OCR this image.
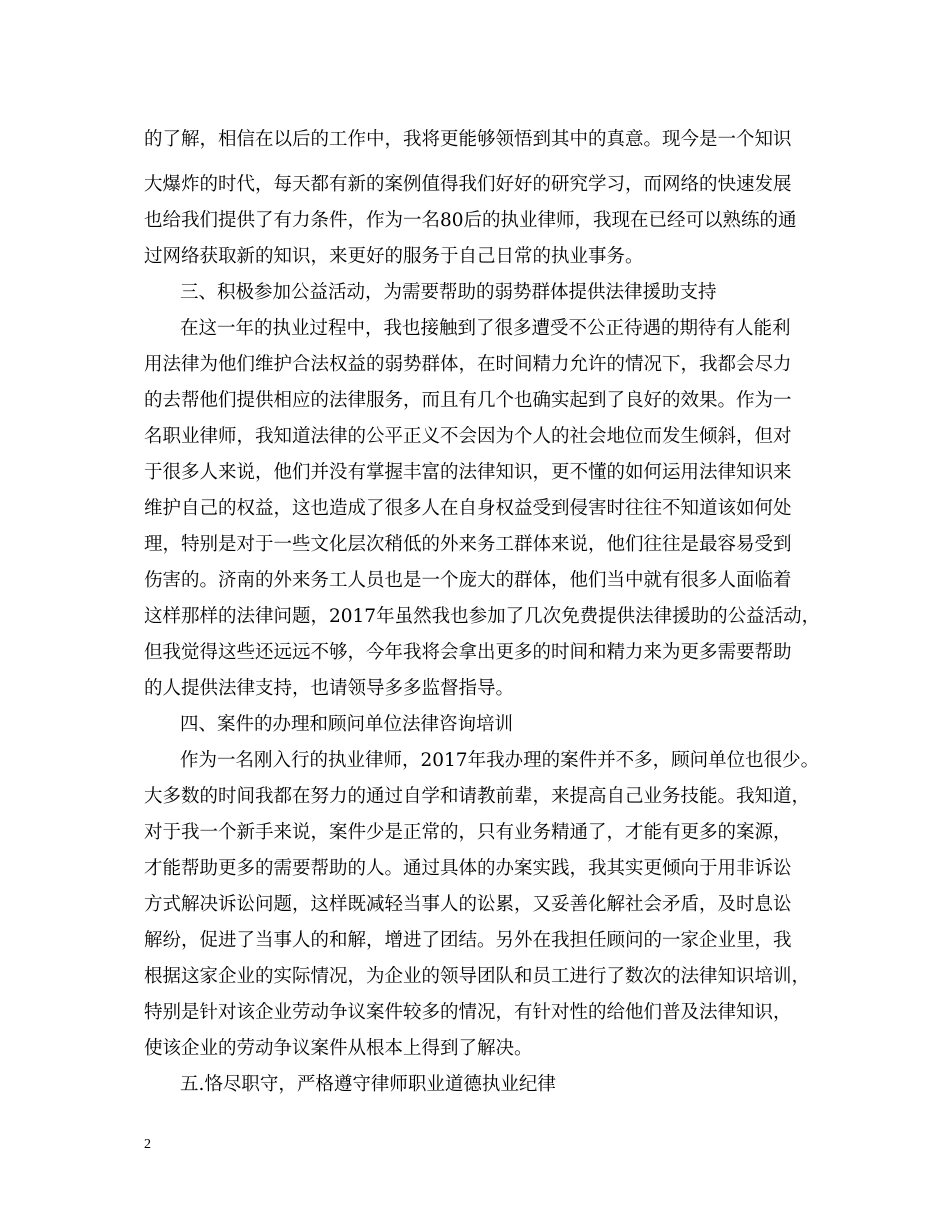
的了解，相信在以后的工作中，我将更能够领悟到其中的真意。现今是一个知识
大爆炸的时代，每天都有新的案例值得我们好好的研究学习，而网络的快速发展
也给我们提供了有力条件，作为一名80后的执业律师，我现在已经可以熟练的通
过网络获取新的知识，来更好的服务于自己日常的执业事务。
三、积极参加公益活动，为需要帮助的弱势群体提供法律援助支持
在这一年的执业过程中，我也接触到了很多遭受不公正待遇的期待有人能利
用法律为他们维护合法权益的弱势群体，在时间精力允许的情况下，我都会尽力
的去帮他们提供相应的法律服务，而且有几个也确实起到了良好的效果。作为一
名职业律师，我知道法律的公平正义不会因为个人的社会地位而发生倾斜，但对
于很多人来说，他们并没有掌握丰富的法律知识，更不懂的如何运用法律知识来
维护自己的权益，这也造成了很多人在自身权益受到侵害时往往不知道该如何处
理，特别是对于一些文化层次稍低的外来务工群体来说，他们往往是最容易受到
伤害的。济南的外来务工人员也是一个庞大的群体，他们当中就有很多人面临着
这样那样的法律问题，2017年虽然我也参加了几次免费提供法律援助的公益活动，
但我觉得这些还远远不够，今年我将会拿出更多的时间和精力来为更多需要帮助
的人提供法律支持，也请领导多多监督指导。
四、案件的办理和顾问单位法律咨询培训
作为一名刚入行的执业律师，2017年我办理的案件并不多，顾问单位也很少。
大多数的时间我都在努力的通过自学和请教前辈，来提高自己业务技能。我知道，
对于我一个新手来说，案件少是正常的，只有业务精通了，才能有更多的案源，
才能帮助更多的需要帮助的人。通过具体的办案实践，我其实更倾向于用非诉讼
方式解决诉讼问题，这样既减轻当事人的讼累，又妥善化解社会矛盾，及时息讼
解纷，促进了当事人的和解，增进了团结。另外在我担任顾问的一家企业里，我
根据这家企业的实际情况，为企业的领导团队和员工进行了数次的法律知识培训，
特别是针对该企业劳动争议案件较多的情况，有针对性的给他们普及法律知识，
使该企业的劳动争议案件从根本上得到了解决。
五.恪尽职守，严格遵守律师职业道德执业纪律
2
